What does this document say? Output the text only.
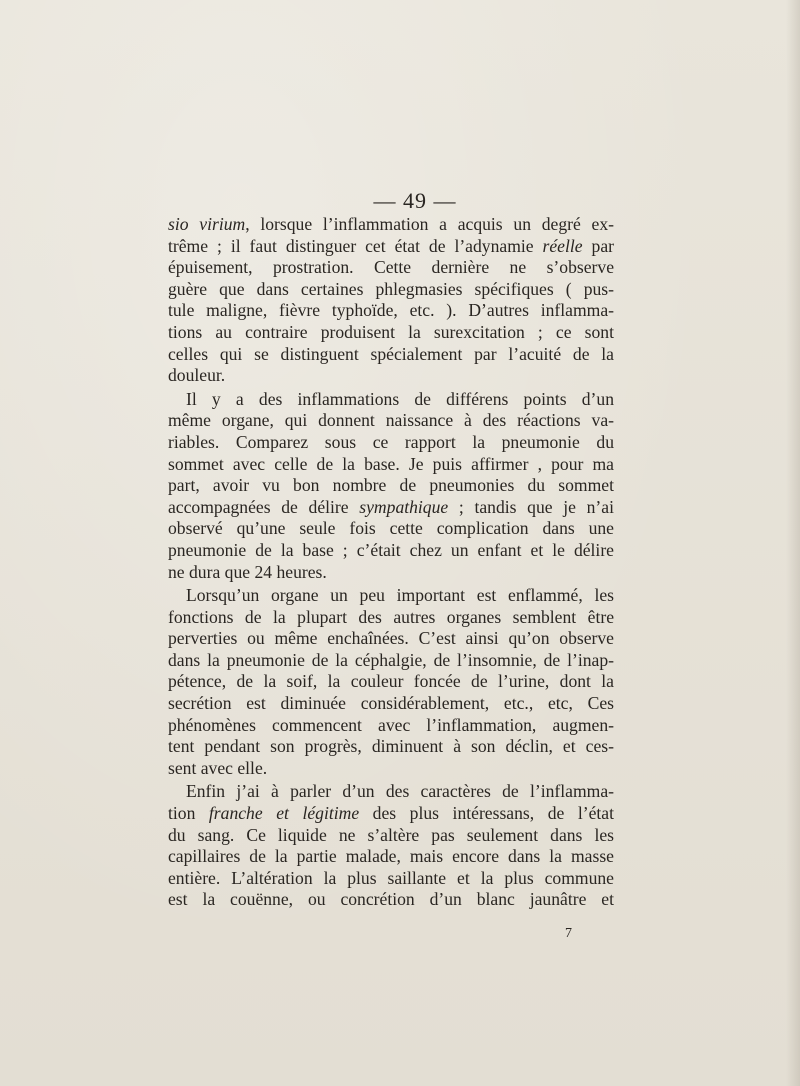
— 49 —

sio virium, lorsque l’inflammation a acquis un degré ex-
trême ; il faut distinguer cet état de l’adynamie réelle par
épuisement, prostration. Cette dernière ne s’observe
guère que dans certaines phlegmasies spécifiques ( pus-
tule maligne, fièvre typhoïde, etc. ). D’autres inflamma-
tions au contraire produisent la surexcitation ; ce sont
celles qui se distinguent spécialement par l’acuité de la
douleur.

Il y a des inflammations de différens points d’un
même organe, qui donnent naissance à des réactions va-
riables. Comparez sous ce rapport la pneumonie du
sommet avec celle de la base. Je puis affirmer , pour ma
part, avoir vu bon nombre de pneumonies du sommet
accompagnées de délire sympathique ; tandis que je n’ai
observé qu’une seule fois cette complication dans une
pneumonie de la base ; c’était chez un enfant et le délire
ne dura que 24 heures.

Lorsqu’un organe un peu important est enflammé, les
fonctions de la plupart des autres organes semblent être
perverties ou même enchaînées. C’est ainsi qu’on observe
dans la pneumonie de la céphalgie, de l’insomnie, de l’inap-
pétence, de la soif, la couleur foncée de l’urine, dont la
secrétion est diminuée considérablement, etc., etc, Ces
phénomènes commencent avec l’inflammation, augmen-
tent pendant son progrès, diminuent à son déclin, et ces-
sent avec elle.

Enfin j’ai à parler d’un des caractères de l’inflamma-
tion franche et légitime des plus intéressans, de l’état
du sang. Ce liquide ne s’altère pas seulement dans les
capillaires de la partie malade, mais encore dans la masse
entière. L’altération la plus saillante et la plus commune
est la couënne, ou concrétion d’un blanc jaunâtre et

7
